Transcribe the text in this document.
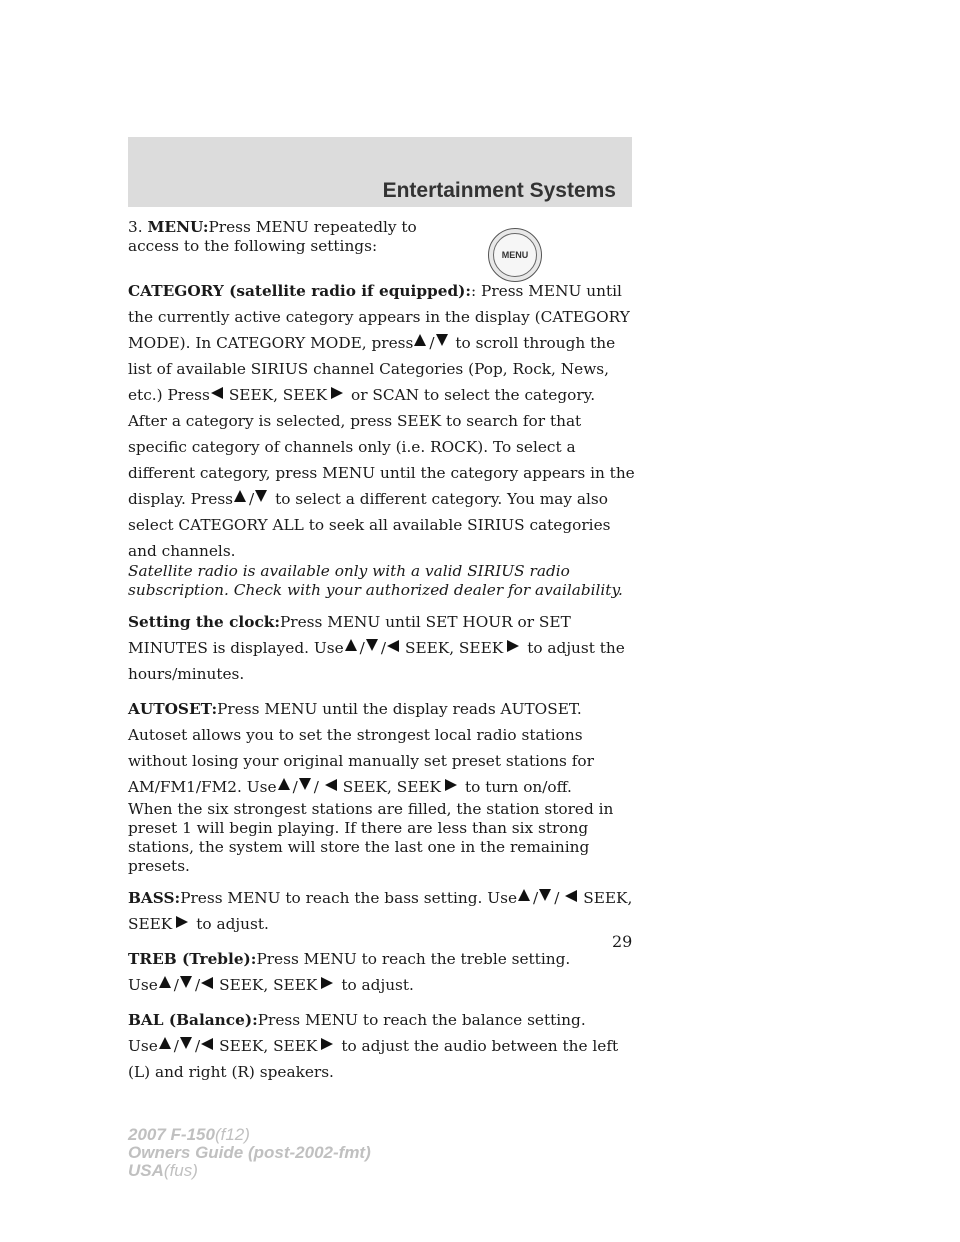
Entertainment Systems
MENU

3. MENU:Press MENU repeatedly to access to the following settings:

CATEGORY (satellite radio if equipped):: Press MENU until the currently active category appears in the display (CATEGORY MODE). In CATEGORY MODE, press / to scroll through the list of available SIRIUS channel Categories (Pop, Rock, News, etc.) Press SEEK, SEEK or SCAN to select the category. After a category is selected, press SEEK to search for that specific category of channels only (i.e. ROCK). To select a different category, press MENU until the category appears in the display. Press / to select a different category. You may also select CATEGORY ALL to seek all available SIRIUS categories and channels.

Satellite radio is available only with a valid SIRIUS radio subscription. Check with your authorized dealer for availability.

Setting the clock:Press MENU until SET HOUR or SET MINUTES is displayed. Use / / SEEK, SEEK to adjust the hours/minutes.

AUTOSET:Press MENU until the display reads AUTOSET. Autoset allows you to set the strongest local radio stations without losing your original manually set preset stations for AM/FM1/FM2. Use / / SEEK, SEEK to turn on/off.

When the six strongest stations are filled, the station stored in preset 1 will begin playing. If there are less than six strong stations, the system will store the last one in the remaining presets.

BASS:Press MENU to reach the bass setting. Use / / SEEK, SEEK to adjust.

TREB (Treble):Press MENU to reach the treble setting.
Use / / SEEK, SEEK to adjust.

BAL (Balance):Press MENU to reach the balance setting.
Use / / SEEK, SEEK to adjust the audio between the left (L) and right (R) speakers.

29
2007 F-150(f12)
Owners Guide (post-2002-fmt)
USA(fus)
